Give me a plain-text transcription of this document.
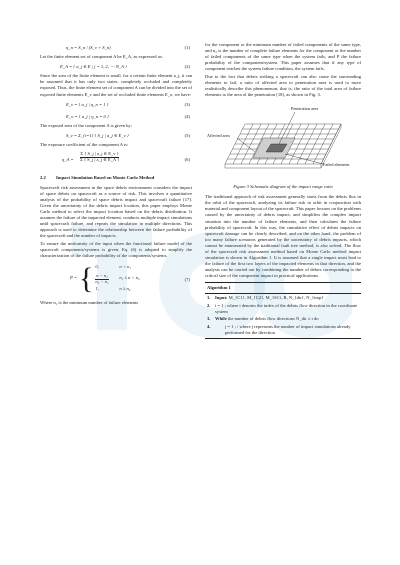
η_n = S_n / (S_v + S_n)	(1)

Let the finite element set of component A be E_A, as expressed as:

E_A = { a_j ∈ E | j = 1, 2, ⋯ N_A }	(2)

Since the area of the finite element is small, for a certain finite element a_j, it can be assumed that it has only two states: completely occluded and completely exposed. Thus, the finite element set of component A can be divided into the set of exposed finite elements E_v and the set of occluded finite elements E_o, we have:

E_v = { a_j | η_n = 1 }	(3)
E_o = { a_j | η_n = 0 }	(4)

The exposed area of the component A is given by:

S_v = Σ_{i=1} { S_j | a_j ∈ E_v }	(5)

The exposure coefficient of the component A is:

η_A = $\frac{\Sigma \{ S\_j | a\_j \in E\_v \}}{\Sigma \{ S\_j | a\_j \in E\_A \}}$	(6)
2.2	Impact Simulation Based on Monte Carlo Method

Spacecraft risk assessment in the space debris environment considers the impact of space debris on spacecraft as a source of risk. This involves a quantitative analysis of the probability of space debris impact and spacecraft failure [17]. Given the uncertainty of the debris impact location, this paper employs Monte Carlo method to select the impact location based on the debris distribution. It assumes the failure of the impacted element, conducts multiple impact simulations until spacecraft failure, and repeats the simulation in multiple directions. This approach is used to determine the relationship between the failure probability of the spacecraft and the number of impacts.

To ensure the uniformity of the input when the functional failure model of the spacecraft components/systems is given, Eq. (6) is adopted to simplify the characterization of the failure probability of the components/systems.

P = { 0,	n < n₁
$\frac{\text{n − n₁}}{\text{n₂ − n₁}} n_1 \le n < n_2$
1,	n ≥ n₂
(7)

Where n₁ is the minimum number of failure elements

for the component or the minimum number of failed components of the same type, and n₂ is the number of complete failure elements for the component or the number of failed components of the same type when the system fails, and P the failure probability of the component/system. This paper assumes that if any type of component reaches the system failure condition, the system fails.

Due to the fact that debris striking a spacecraft can also cause the surrounding elements to fail, a ratio of affected area to penetration area is used to more realistically describe this phenomenon, that is, the ratio of the total area of failure elements to the area of the penetration [18], as shown in Fig. 3.

Penetration area
Affected area
Failed elements
Figure 3 Schematic diagram of the impact range ratio

The traditional approach of risk assessment generally starts from the debris flux in the orbit of the spacecraft, analyzing its failure risk in orbit in conjunction with material and component layout of the spacecraft. This paper focuses on the problems caused by the uncertainty of debris impact, and simplifies the complex impact situation into the number of failure elements, and then calculates the failure probability of spacecraft. In this way, the cumulative effect of debris impacts on spacecraft damage can be clearly described, and on the other hand, the problem of too many failure scenarios generated by the uncertainty of debris impacts, which cannot be enumerated by the traditional fault tree method, is also solved. The flow of the spacecraft risk assessment method based on Monte Carlo method impact simulation is shown in Algorithm 1. It is assumed that a single impact must lead to the failure of the first two layers of the impacted elements in that direction, and the analysis can be carried out by combining the number of debris corresponding to the critical size of the component impact in practical applications.

Algorithm 1
1. Input: M_{C1}, M_{C2}, M_{S1}, R, N_{dir}, N_{imp}
2. i = 1 ; where i denotes the index of the debris flow direction in the coordinate system
3. While the number of debris flow directions N_dir ≥ i do
4.	j = 1 ; / where j represents the number of impact simulations already performed for the direction
